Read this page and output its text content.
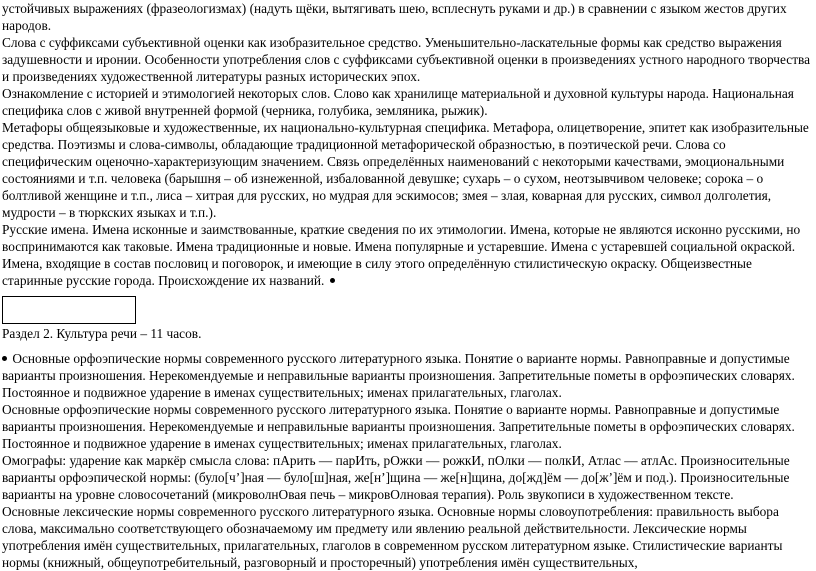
устойчивых выражениях (фразеологизмах) (надуть щёки, вытягивать шею, всплеснуть руками и др.) в сравнении с языком жестов других народов.

Слова с суффиксами субъективной оценки как изобразительное средство. Уменьшительно-ласкательные формы как средство выражения задушевности и иронии. Особенности употребления слов с суффиксами субъективной оценки в произведениях устного народного творчества и произведениях художественной литературы разных исторических эпох.

Ознакомление с историей и этимологией некоторых слов. Слово как хранилище материальной и духовной культуры народа. Национальная специфика слов с живой внутренней формой (черника, голубика, земляника, рыжик).

Метафоры общеязыковые и художественные, их национально-культурная специфика. Метафора, олицетворение, эпитет как изобразительные средства. Поэтизмы и слова-символы, обладающие традиционной метафорической образностью, в поэтической речи. Слова со специфическим оценочно-характеризующим значением. Связь определённых наименований с некоторыми качествами, эмоциональными состояниями и т.п. человека (барышня – об изнеженной, избалованной девушке; сухарь – о сухом, неотзывчивом человеке; сорока – о болтливой женщине и т.п., лиса – хитрая для русских, но мудрая для эскимосов; змея – злая, коварная для русских, символ долголетия, мудрости – в тюркских языках и т.п.).

Русские имена. Имена исконные и заимствованные, краткие сведения по их этимологии. Имена, которые не являются исконно русскими, но воспринимаются как таковые. Имена традиционные и новые. Имена популярные и устаревшие. Имена с устаревшей социальной окраской. Имена, входящие в состав пословиц и поговорок, и имеющие в силу этого определённую стилистическую окраску. Общеизвестные старинные русские города. Происхождение их названий.

Раздел 2. Культура речи – 11 часов.

Основные орфоэпические нормы современного русского литературного языка. Понятие о варианте нормы. Равноправные и допустимые варианты произношения. Нерекомендуемые и неправильные варианты произношения. Запретительные пометы в орфоэпических словарях. Постоянное и подвижное ударение в именах существительных; именах прилагательных, глаголах.

Основные орфоэпические нормы современного русского литературного языка. Понятие о варианте нормы. Равноправные и допустимые варианты произношения. Нерекомендуемые и неправильные варианты произношения. Запретительные пометы в орфоэпических словарях. Постоянное и подвижное ударение в именах существительных; именах прилагательных, глаголах.

Омографы: ударение как маркёр смысла слова: пАрить — парИть, рОжки — рожкИ, пОлки — полкИ, Атлас — атлАс. Произносительные варианты орфоэпической нормы: (було[ч’]ная — було[ш]ная, же[н’]щина — же[н]щина, до[жд]ём — до[ж’]ём и под.). Произносительные варианты на уровне словосочетаний (микроволнОвая печь – микровОлновая терапия). Роль звукописи в художественном тексте.

Основные лексические нормы современного русского литературного языка. Основные нормы словоупотребления: правильность выбора слова, максимально соответствующего обозначаемому им предмету или явлению реальной действительности. Лексические нормы употребления имён существительных, прилагательных, глаголов в современном русском литературном языке. Стилистические варианты нормы (книжный, общеупотребительный, разговорный и просторечный) употребления имён существительных,
